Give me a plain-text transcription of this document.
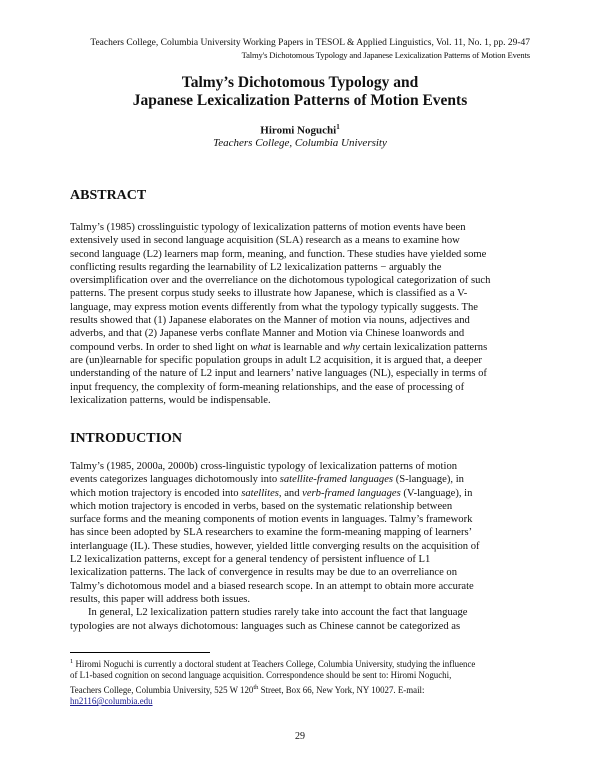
Teachers College, Columbia University Working Papers in TESOL & Applied Linguistics, Vol. 11, No. 1, pp. 29-47
Talmy's Dichotomous Typology and Japanese Lexicalization Patterns of Motion Events
Talmy’s Dichotomous Typology and
Japanese Lexicalization Patterns of Motion Events
Hiromi Noguchi$^1$
Teachers College, Columbia University
ABSTRACT
Talmy’s (1985) crosslinguistic typology of lexicalization patterns of motion events have been
extensively used in second language acquisition (SLA) research as a means to examine how
second language (L2) learners map form, meaning, and function. These studies have yielded some
conflicting results regarding the learnability of L2 lexicalization patterns − arguably the
oversimplification over and the overreliance on the dichotomous typological categorization of such
patterns. The present corpus study seeks to illustrate how Japanese, which is classified as a V-
language, may express motion events differently from what the typology typically suggests. The
results showed that (1) Japanese elaborates on the Manner of motion via nouns, adjectives and
adverbs, and that (2) Japanese verbs conflate Manner and Motion via Chinese loanwords and
compound verbs. In order to shed light on what is learnable and why certain lexicalization patterns
are (un)learnable for specific population groups in adult L2 acquisition, it is argued that, a deeper
understanding of the nature of L2 input and learners’ native languages (NL), especially in terms of
input frequency, the complexity of form-meaning relationships, and the ease of processing of
lexicalization patterns, would be indispensable.
INTRODUCTION
Talmy’s (1985, 2000a, 2000b) cross-linguistic typology of lexicalization patterns of motion
events categorizes languages dichotomously into satellite-framed languages (S-language), in
which motion trajectory is encoded into satellites, and verb-framed languages (V-language), in
which motion trajectory is encoded in verbs, based on the systematic relationship between
surface forms and the meaning components of motion events in languages. Talmy’s framework
has since been adopted by SLA researchers to examine the form-meaning mapping of learners’
interlanguage (IL). These studies, however, yielded little converging results on the acquisition of
L2 lexicalization patterns, except for a general tendency of persistent influence of L1
lexicalization patterns. The lack of convergence in results may be due to an overreliance on
Talmy’s dichotomous model and a biased research scope. In an attempt to obtain more accurate
results, this paper will address both issues.
In general, L2 lexicalization pattern studies rarely take into account the fact that language
typologies are not always dichotomous: languages such as Chinese cannot be categorized as
$^1$ Hiromi Noguchi is currently a doctoral student at Teachers College, Columbia University, studying the influence
of L1-based cognition on second language acquisition. Correspondence should be sent to: Hiromi Noguchi,
Teachers College, Columbia University, 525 W 120th Street, Box 66, New York, NY 10027. E-mail:
hn2116@columbia.edu
29
